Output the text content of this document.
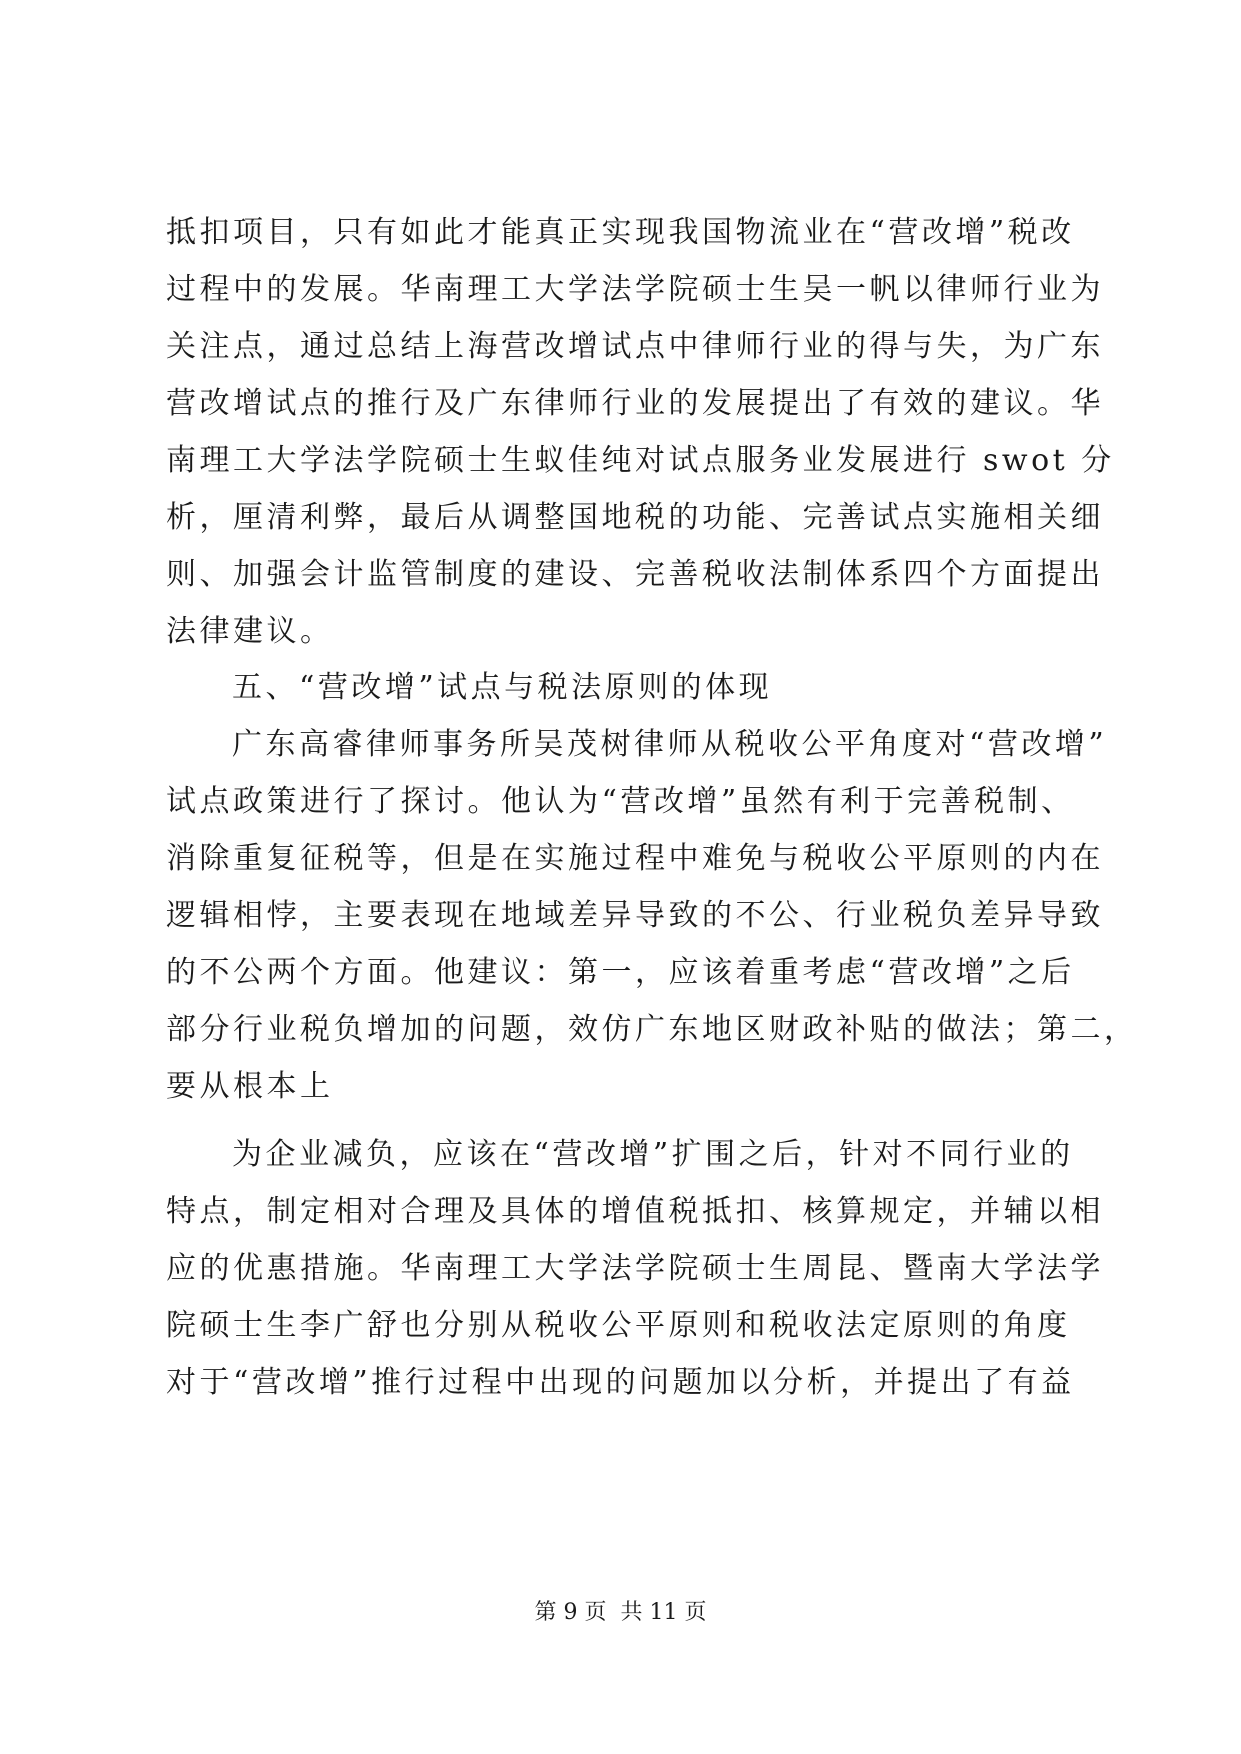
抵扣项目，只有如此才能真正实现我国物流业在“营改增”税改
过程中的发展。华南理工大学法学院硕士生吴一帆以律师行业为
关注点，通过总结上海营改增试点中律师行业的得与失，为广东
营改增试点的推行及广东律师行业的发展提出了有效的建议。华
南理工大学法学院硕士生蚁佳纯对试点服务业发展进行 swot 分
析，厘清利弊，最后从调整国地税的功能、完善试点实施相关细
则、加强会计监管制度的建设、完善税收法制体系四个方面提出
法律建议。
五、“营改增”试点与税法原则的体现
广东高睿律师事务所吴茂树律师从税收公平角度对“营改增”
试点政策进行了探讨。他认为“营改增”虽然有利于完善税制、
消除重复征税等，但是在实施过程中难免与税收公平原则的内在
逻辑相悖，主要表现在地域差异导致的不公、行业税负差异导致
的不公两个方面。他建议：第一，应该着重考虑“营改增”之后
部分行业税负增加的问题，效仿广东地区财政补贴的做法；第二，
要从根本上
为企业减负，应该在“营改增”扩围之后，针对不同行业的
特点，制定相对合理及具体的增值税抵扣、核算规定，并辅以相
应的优惠措施。华南理工大学法学院硕士生周昆、暨南大学法学
院硕士生李广舒也分别从税收公平原则和税收法定原则的角度
对于“营改增”推行过程中出现的问题加以分析，并提出了有益
第 9 页  共 11 页
